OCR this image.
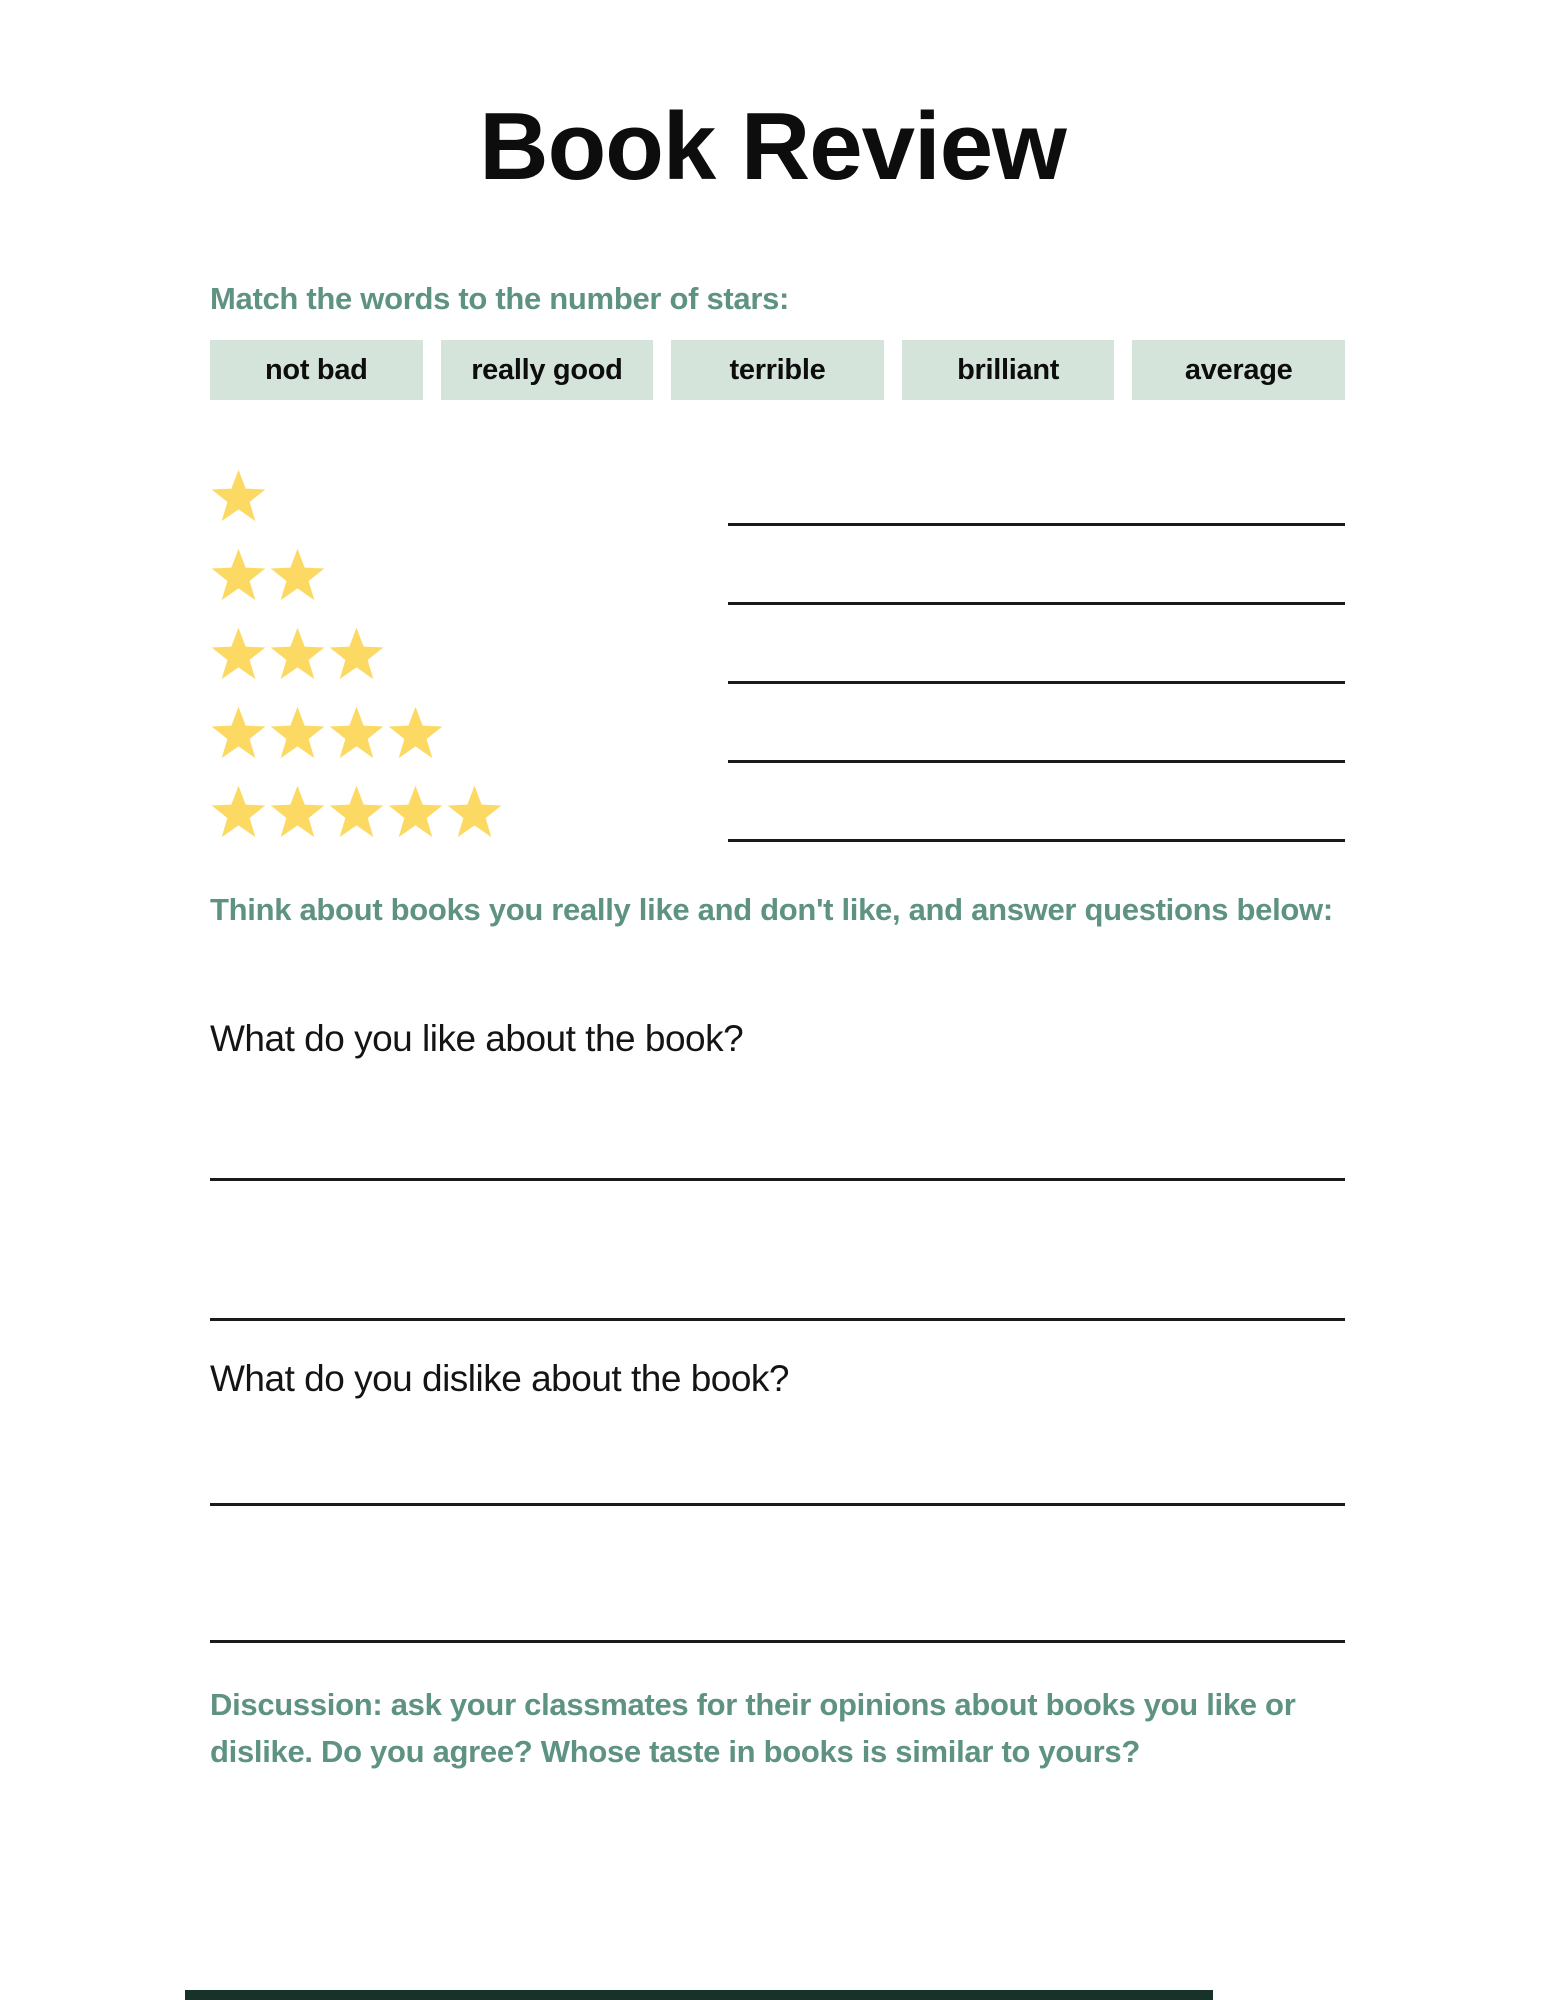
Book Review
Match the words to the number of stars:
not bad	really good	terrible	brilliant	average
Think about books you really like and don't like, and answer questions below:
What do you like about the book?
What do you dislike about the book?
Discussion: ask your classmates for their opinions about books you like or dislike. Do you agree? Whose taste in books is similar to yours?
